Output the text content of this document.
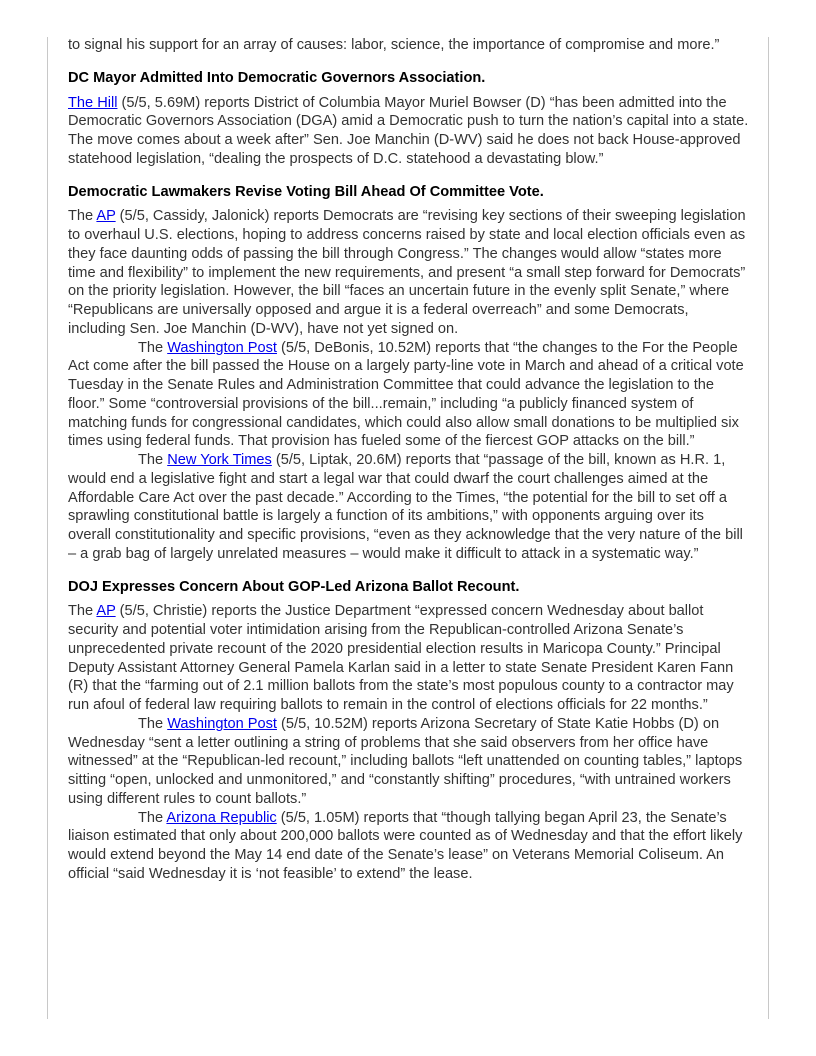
to signal his support for an array of causes: labor, science, the importance of compromise and more.”

DC Mayor Admitted Into Democratic Governors Association.

The Hill (5/5, 5.69M) reports District of Columbia Mayor Muriel Bowser (D) “has been admitted into the Democratic Governors Association (DGA) amid a Democratic push to turn the nation’s capital into a state. The move comes about a week after” Sen. Joe Manchin (D-WV) said he does not back House-approved statehood legislation, “dealing the prospects of D.C. statehood a devastating blow.”

Democratic Lawmakers Revise Voting Bill Ahead Of Committee Vote.

The AP (5/5, Cassidy, Jalonick) reports Democrats are “revising key sections of their sweeping legislation to overhaul U.S. elections, hoping to address concerns raised by state and local election officials even as they face daunting odds of passing the bill through Congress.” The changes would allow “states more time and flexibility” to implement the new requirements, and present “a small step forward for Democrats” on the priority legislation. However, the bill “faces an uncertain future in the evenly split Senate,” where “Republicans are universally opposed and argue it is a federal overreach” and some Democrats, including Sen. Joe Manchin (D-WV), have not yet signed on.

The Washington Post (5/5, DeBonis, 10.52M) reports that “the changes to the For the People Act come after the bill passed the House on a largely party-line vote in March and ahead of a critical vote Tuesday in the Senate Rules and Administration Committee that could advance the legislation to the floor.” Some “controversial provisions of the bill...remain,” including “a publicly financed system of matching funds for congressional candidates, which could also allow small donations to be multiplied six times using federal funds. That provision has fueled some of the fiercest GOP attacks on the bill.”

The New York Times (5/5, Liptak, 20.6M) reports that “passage of the bill, known as H.R. 1, would end a legislative fight and start a legal war that could dwarf the court challenges aimed at the Affordable Care Act over the past decade.” According to the Times, “the potential for the bill to set off a sprawling constitutional battle is largely a function of its ambitions,” with opponents arguing over its overall constitutionality and specific provisions, “even as they acknowledge that the very nature of the bill – a grab bag of largely unrelated measures – would make it difficult to attack in a systematic way.”

DOJ Expresses Concern About GOP-Led Arizona Ballot Recount.

The AP (5/5, Christie) reports the Justice Department “expressed concern Wednesday about ballot security and potential voter intimidation arising from the Republican-controlled Arizona Senate’s unprecedented private recount of the 2020 presidential election results in Maricopa County.” Principal Deputy Assistant Attorney General Pamela Karlan said in a letter to state Senate President Karen Fann (R) that the “farming out of 2.1 million ballots from the state’s most populous county to a contractor may run afoul of federal law requiring ballots to remain in the control of elections officials for 22 months.”

The Washington Post (5/5, 10.52M) reports Arizona Secretary of State Katie Hobbs (D) on Wednesday “sent a letter outlining a string of problems that she said observers from her office have witnessed” at the “Republican-led recount,” including ballots “left unattended on counting tables,” laptops sitting “open, unlocked and unmonitored,” and “constantly shifting” procedures, “with untrained workers using different rules to count ballots.”

The Arizona Republic (5/5, 1.05M) reports that “though tallying began April 23, the Senate’s liaison estimated that only about 200,000 ballots were counted as of Wednesday and that the effort likely would extend beyond the May 14 end date of the Senate’s lease” on Veterans Memorial Coliseum. An official “said Wednesday it is ‘not feasible’ to extend” the lease.
